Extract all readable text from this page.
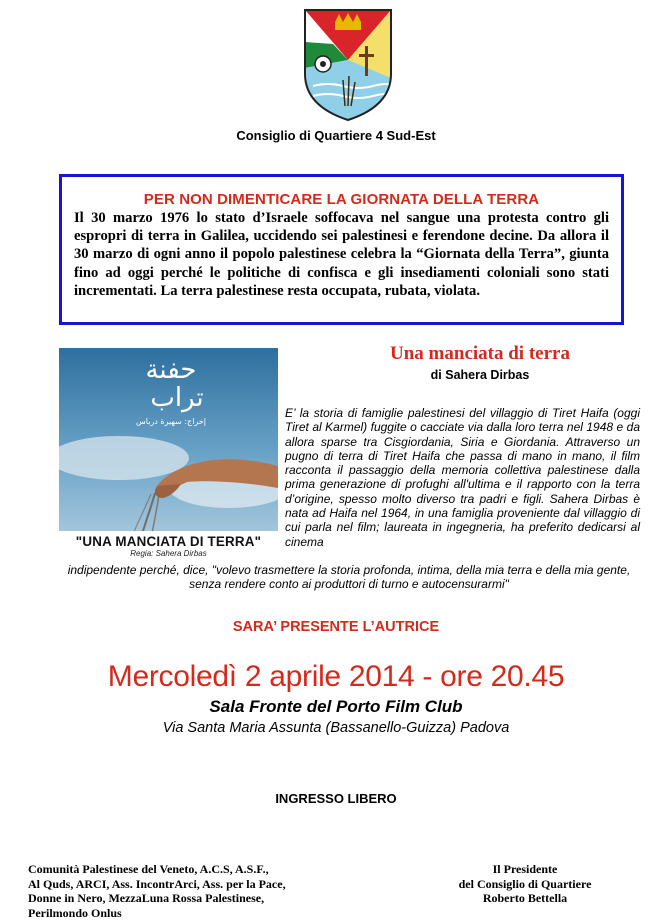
Consiglio di Quartiere 4 Sud-Est

PER NON DIMENTICARE LA GIORNATA DELLA TERRA

Il 30 marzo 1976 lo stato d’Israele soffocava nel sangue una protesta contro gli espropri di terra in Galilea, uccidendo sei palestinesi e ferendone decine. Da allora il 30 marzo di ogni anno il popolo palestinese celebra la “Giornata della Terra”, giunta fino ad oggi perché le politiche di confisca e gli insediamenti coloniali sono stati incrementati. La terra palestinese resta occupata, rubata, violata.

حفنة
تراب
إخراج: سهيرة درباس
"UNA MANCIATA DI TERRA"
Regia: Sahera Dirbas
Una manciata di terra
di Sahera Dirbas

E’ la storia di famiglie palestinesi del villaggio di Tiret Haifa (oggi Tiret al Karmel) fuggite o cacciate via dalla loro terra nel 1948 e da allora sparse tra Cisgiordania, Siria e Giordania. Attraverso un pugno di terra di Tiret Haifa che passa di mano in mano, il film racconta il passaggio della memoria collettiva palestinese dalla prima generazione di profughi all'ultima e il rapporto con la terra d’origine, spesso molto diverso tra padri e figli. Sahera Dirbas è nata ad Haifa nel 1964, in una famiglia proveniente dal villaggio di cui parla nel film; laureata in ingegneria, ha preferito dedicarsi al cinema

indipendente perché, dice, "volevo trasmettere la storia profonda, intima, della mia terra e della mia gente, senza rendere conto ai produttori di turno e autocensurarmi"

SARA’ PRESENTE L’AUTRICE
Mercoledì 2 aprile 2014 - ore 20.45
Sala Fronte del Porto Film Club
Via Santa Maria Assunta (Bassanello-Guizza) Padova
INGRESSO LIBERO
Comunità Palestinese del Veneto, A.C.S, A.S.F.,
Al Quds, ARCI, Ass. IncontrArci, Ass. per la Pace,
Donne in Nero, MezzaLuna Rossa Palestinese,
Perilmondo Onlus
Il Presidente
del Consiglio di Quartiere
Roberto Bettella
